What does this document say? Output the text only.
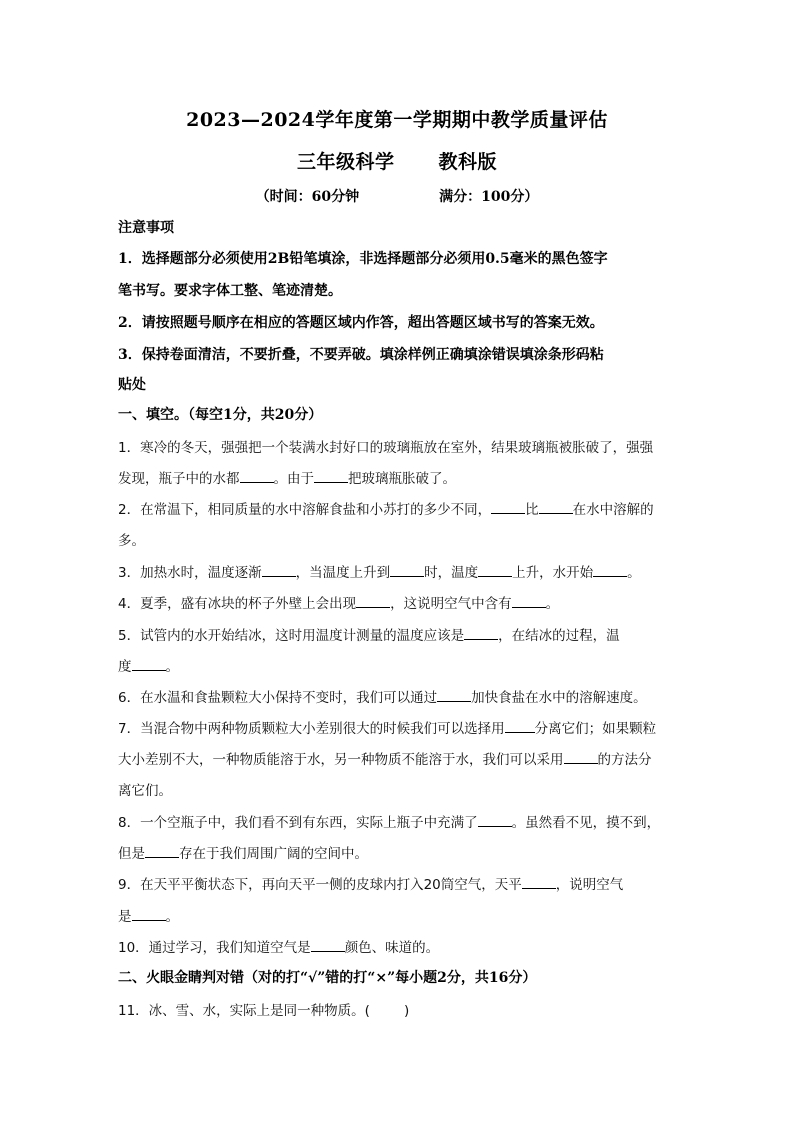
2023—2024学年度第一学期期中教学质量评估
三年级科学 教科版
（时间：60分钟	满分：100分）
注意事项
1．选择题部分必须使用2B铅笔填涂，非选择题部分必须用0.5毫米的黑色签字
笔书写。要求字体工整、笔迹清楚。
2．请按照题号顺序在相应的答题区域内作答，超出答题区域书写的答案无效。
3．保持卷面清洁，不要折叠，不要弄破。填涂样例正确填涂错误填涂条形码粘
贴处
一、填空。（每空1分，共20分）
1．寒冷的冬天，强强把一个装满水封好口的玻璃瓶放在室外，结果玻璃瓶被胀破了，强强
发现，瓶子中的水都	。由于	把玻璃瓶胀破了。
2．在常温下，相同质量的水中溶解食盐和小苏打的多少不同，	比	在水中溶解的
多。
3．加热水时，温度逐渐	，当温度上升到	时，温度	上升，水开始	。
4．夏季，盛有冰块的杯子外壁上会出现	，这说明空气中含有	。
5．试管内的水开始结冰，这时用温度计测量的温度应该是	，在结冰的过程，温
度	。
6．在水温和食盐颗粒大小保持不变时，我们可以通过	加快食盐在水中的溶解速度。
7．当混合物中两种物质颗粒大小差别很大的时候我们可以选择用 分离它们；如果颗粒
大小差别不大，一种物质能溶于水，另一种物质不能溶于水，我们可以采用	的方法分
离它们。
8．一个空瓶子中，我们看不到有东西，实际上瓶子中充满了	。虽然看不见，摸不到，
但是	存在于我们周围广阔的空间中。
9．在天平平衡状态下，再向天平一侧的皮球内打入20筒空气，天平	，说明空气
是	。
10．通过学习，我们知道空气是	颜色、味道的。
二、火眼金睛判对错（对的打“√”错的打“×”每小题2分，共16分）
11．冰、雪、水，实际上是同一种物质。(	)
